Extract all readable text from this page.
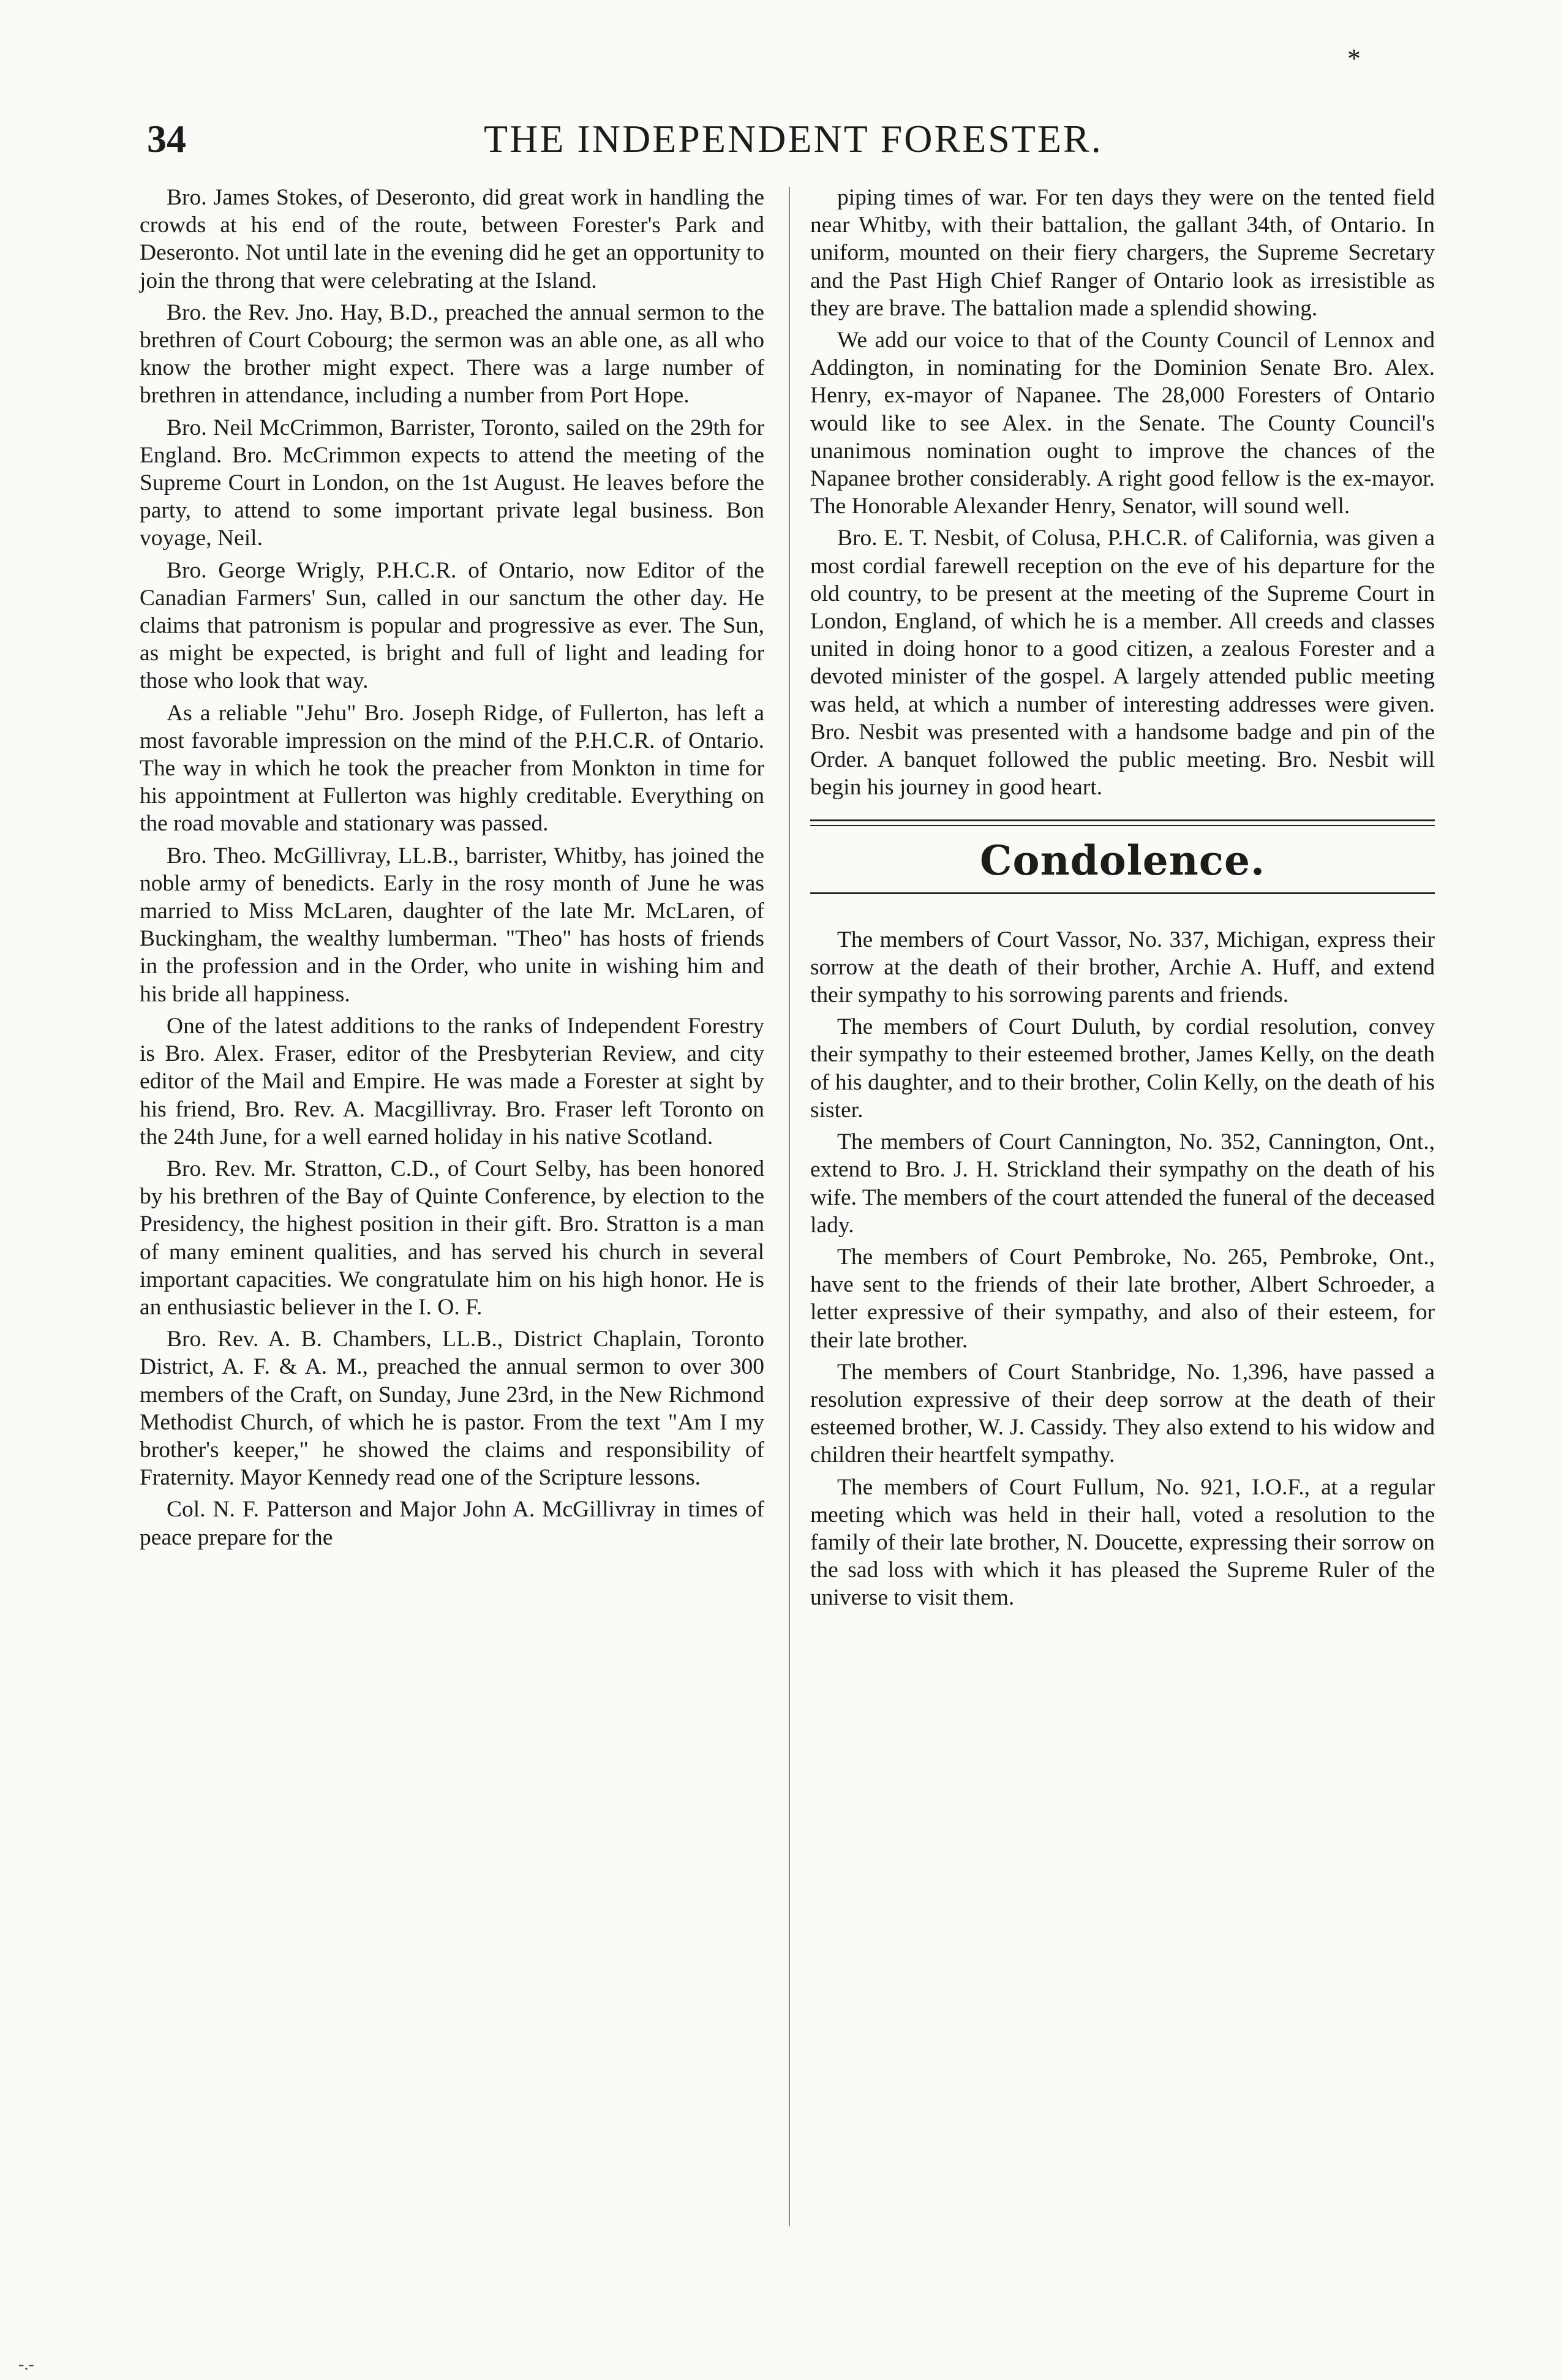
34	THE INDEPENDENT FORESTER.
*

Bro. James Stokes, of Deseronto, did great work in handling the crowds at his end of the route, between Forester's Park and Deseronto. Not until late in the evening did he get an opportunity to join the throng that were celebrating at the Island.

Bro. the Rev. Jno. Hay, B.D., preached the annual sermon to the brethren of Court Cobourg; the sermon was an able one, as all who know the brother might expect. There was a large number of brethren in attendance, including a number from Port Hope.

Bro. Neil McCrimmon, Barrister, Toronto, sailed on the 29th for England. Bro. McCrimmon expects to attend the meeting of the Supreme Court in London, on the 1st August. He leaves before the party, to attend to some important private legal business. Bon voyage, Neil.

Bro. George Wrigly, P.H.C.R. of Ontario, now Editor of the Canadian Farmers' Sun, called in our sanctum the other day. He claims that patronism is popular and progressive as ever. The Sun, as might be expected, is bright and full of light and leading for those who look that way.

As a reliable "Jehu" Bro. Joseph Ridge, of Fullerton, has left a most favorable impression on the mind of the P.H.C.R. of Ontario. The way in which he took the preacher from Monkton in time for his appointment at Fullerton was highly creditable. Everything on the road movable and stationary was passed.

Bro. Theo. McGillivray, LL.B., barrister, Whitby, has joined the noble army of benedicts. Early in the rosy month of June he was married to Miss McLaren, daughter of the late Mr. McLaren, of Buckingham, the wealthy lumberman. "Theo" has hosts of friends in the profession and in the Order, who unite in wishing him and his bride all happiness.

One of the latest additions to the ranks of Independent Forestry is Bro. Alex. Fraser, editor of the Presbyterian Review, and city editor of the Mail and Empire. He was made a Forester at sight by his friend, Bro. Rev. A. Macgillivray. Bro. Fraser left Toronto on the 24th June, for a well earned holiday in his native Scotland.

Bro. Rev. Mr. Stratton, C.D., of Court Selby, has been honored by his brethren of the Bay of Quinte Conference, by election to the Presidency, the highest position in their gift. Bro. Stratton is a man of many eminent qualities, and has served his church in several important capacities. We congratulate him on his high honor. He is an enthusiastic believer in the I. O. F.

Bro. Rev. A. B. Chambers, LL.B., District Chaplain, Toronto District, A. F. & A. M., preached the annual sermon to over 300 members of the Craft, on Sunday, June 23rd, in the New Richmond Methodist Church, of which he is pastor. From the text "Am I my brother's keeper," he showed the claims and responsibility of Fraternity. Mayor Kennedy read one of the Scripture lessons.

Col. N. F. Patterson and Major John A. McGillivray in times of peace prepare for the

piping times of war. For ten days they were on the tented field near Whitby, with their battalion, the gallant 34th, of Ontario. In uniform, mounted on their fiery chargers, the Supreme Secretary and the Past High Chief Ranger of Ontario look as irresistible as they are brave. The battalion made a splendid showing.

We add our voice to that of the County Council of Lennox and Addington, in nominating for the Dominion Senate Bro. Alex. Henry, ex-mayor of Napanee. The 28,000 Foresters of Ontario would like to see Alex. in the Senate. The County Council's unanimous nomination ought to improve the chances of the Napanee brother considerably. A right good fellow is the ex-mayor. The Honorable Alexander Henry, Senator, will sound well.

Bro. E. T. Nesbit, of Colusa, P.H.C.R. of California, was given a most cordial farewell reception on the eve of his departure for the old country, to be present at the meeting of the Supreme Court in London, England, of which he is a member. All creeds and classes united in doing honor to a good citizen, a zealous Forester and a devoted minister of the gospel. A largely attended public meeting was held, at which a number of interesting addresses were given. Bro. Nesbit was presented with a handsome badge and pin of the Order. A banquet followed the public meeting. Bro. Nesbit will begin his journey in good heart.

Condolence.

The members of Court Vassor, No. 337, Michigan, express their sorrow at the death of their brother, Archie A. Huff, and extend their sympathy to his sorrowing parents and friends.

The members of Court Duluth, by cordial resolution, convey their sympathy to their esteemed brother, James Kelly, on the death of his daughter, and to their brother, Colin Kelly, on the death of his sister.

The members of Court Cannington, No. 352, Cannington, Ont., extend to Bro. J. H. Strickland their sympathy on the death of his wife. The members of the court attended the funeral of the deceased lady.

The members of Court Pembroke, No. 265, Pembroke, Ont., have sent to the friends of their late brother, Albert Schroeder, a letter expressive of their sympathy, and also of their esteem, for their late brother.

The members of Court Stanbridge, No. 1,396, have passed a resolution expressive of their deep sorrow at the death of their esteemed brother, W. J. Cassidy. They also extend to his widow and children their heartfelt sympathy.

The members of Court Fullum, No. 921, I.O.F., at a regular meeting which was held in their hall, voted a resolution to the family of their late brother, N. Doucette, expressing their sorrow on the sad loss with which it has pleased the Supreme Ruler of the universe to visit them.

-.-
